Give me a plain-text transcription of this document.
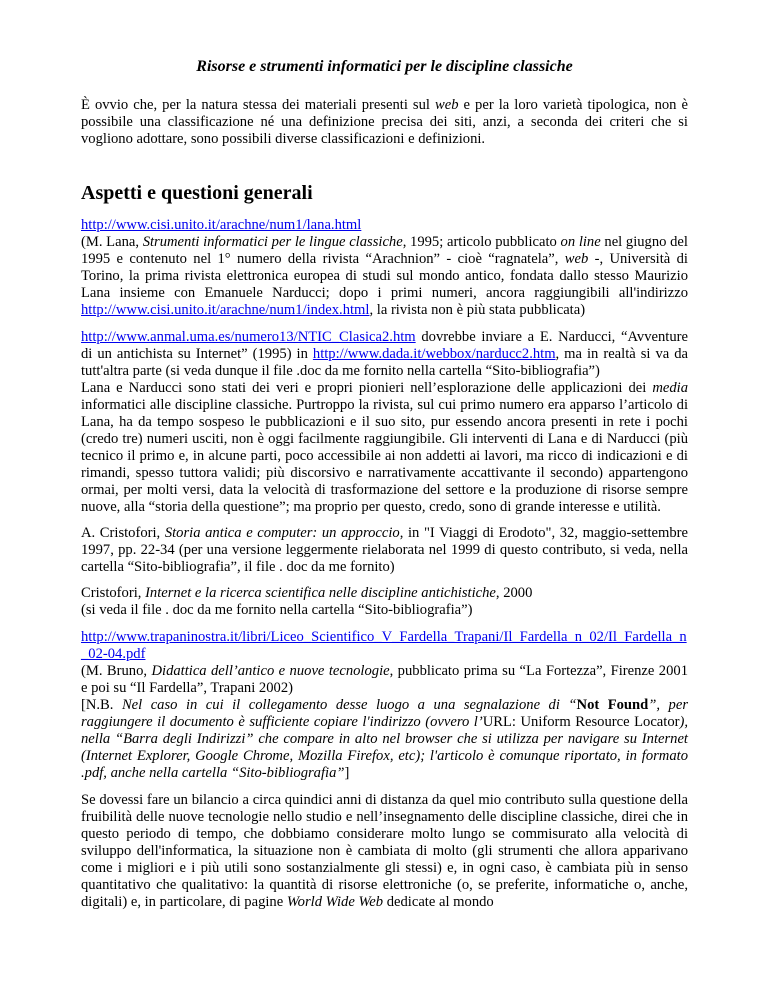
Risorse e strumenti informatici per le discipline classiche

È ovvio che, per la natura stessa dei materiali presenti sul web e per la loro varietà tipologica, non è possibile una classificazione né una definizione precisa dei siti, anzi, a seconda dei criteri che si vogliono adottare, sono possibili diverse classificazioni e definizioni.

Aspetti e questioni generali

http://www.cisi.unito.it/arachne/num1/lana.html
(M. Lana, Strumenti informatici per le lingue classiche, 1995; articolo pubblicato on line nel giugno del 1995 e contenuto nel 1° numero della rivista “Arachnion” - cioè “ragnatela”, web -, Università di Torino, la prima rivista elettronica europea di studi sul mondo antico, fondata dallo stesso Maurizio Lana insieme con Emanuele Narducci; dopo i primi numeri, ancora raggiungibili all'indirizzo http://www.cisi.unito.it/arachne/num1/index.html, la rivista non è più stata pubblicata)

http://www.anmal.uma.es/numero13/NTIC_Clasica2.htm dovrebbe inviare a E. Narducci, “Avventure di un antichista su Internet” (1995) in http://www.dada.it/webbox/narducc2.htm, ma in realtà si va da tutt'altra parte (si veda dunque il file .doc da me fornito nella cartella “Sito-bibliografia”)
Lana e Narducci sono stati dei veri e propri pionieri nell’esplorazione delle applicazioni dei media informatici alle discipline classiche. Purtroppo la rivista, sul cui primo numero era apparso l’articolo di Lana, ha da tempo sospeso le pubblicazioni e il suo sito, pur essendo ancora presenti in rete i pochi (credo tre) numeri usciti, non è oggi facilmente raggiungibile. Gli interventi di Lana e di Narducci (più tecnico il primo e, in alcune parti, poco accessibile ai non addetti ai lavori, ma ricco di indicazioni e di rimandi, spesso tuttora validi; più discorsivo e narrativamente accattivante il secondo) appartengono ormai, per molti versi, data la velocità di trasformazione del settore e la produzione di risorse sempre nuove, alla “storia della questione”; ma proprio per questo, credo, sono di grande interesse e utilità.

A. Cristofori, Storia antica e computer: un approccio, in "I Viaggi di Erodoto", 32, maggio-settembre 1997, pp. 22-34 (per una versione leggermente rielaborata nel 1999 di questo contributo, si veda, nella cartella “Sito-bibliografia”, il file . doc da me fornito)

Cristofori, Internet e la ricerca scientifica nelle discipline antichistiche, 2000
(si veda il file . doc da me fornito nella cartella “Sito-bibliografia”)

http://www.trapaninostra.it/libri/Liceo_Scientifico_V_Fardella_Trapani/Il_Fardella_n_02/Il_Fardella_n_02-04.pdf
(M. Bruno, Didattica dell’antico e nuove tecnologie, pubblicato prima su “La Fortezza”, Firenze 2001 e poi su “Il Fardella”, Trapani 2002)
[N.B. Nel caso in cui il collegamento desse luogo a una segnalazione di “Not Found”, per raggiungere il documento è sufficiente copiare l'indirizzo (ovvero l’URL: Uniform Resource Locator), nella “Barra degli Indirizzi” che compare in alto nel browser che si utilizza per navigare su Internet (Internet Explorer, Google Chrome, Mozilla Firefox, etc); l'articolo è comunque riportato, in formato .pdf, anche nella cartella “Sito-bibliografia”]

Se dovessi fare un bilancio a circa quindici anni di distanza da quel mio contributo sulla questione della fruibilità delle nuove tecnologie nello studio e nell’insegnamento delle discipline classiche, direi che in questo periodo di tempo, che dobbiamo considerare molto lungo se commisurato alla velocità di sviluppo dell'informatica, la situazione non è cambiata di molto (gli strumenti che allora apparivano come i migliori e i più utili sono sostanzialmente gli stessi) e, in ogni caso, è cambiata più in senso quantitativo che qualitativo: la quantità di risorse elettroniche (o, se preferite, informatiche o, anche, digitali) e, in particolare, di pagine World Wide Web dedicate al mondo
